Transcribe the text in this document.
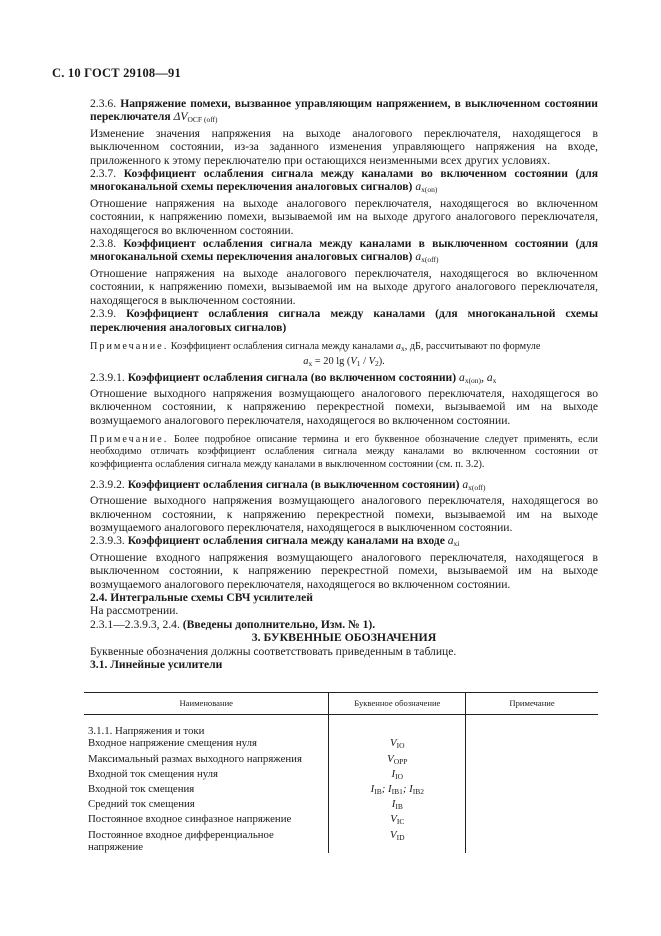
С. 10 ГОСТ 29108—91

2.3.6. Напряжение помехи, вызванное управляющим напряжением, в выключенном состоянии переключателя $\Delta V_{OCF (off)}$

Изменение значения напряжения на выходе аналогового переключателя, находящегося в выключенном состоянии, из-за заданного изменения управляющего напряжения на входе, приложенного к этому переключателю при остающихся неизменными всех других условиях.

2.3.7. Коэффициент ослабления сигнала между каналами во включенном состоянии (для многоканальной схемы переключения аналоговых сигналов) $a_{x(on)}$

Отношение напряжения на выходе аналогового переключателя, находящегося во включенном состоянии, к напряжению помехи, вызываемой им на выходе другого аналогового переключателя, находящегося во включенном состоянии.

2.3.8. Коэффициент ослабления сигнала между каналами в выключенном состоянии (для многоканальной схемы переключения аналоговых сигналов) $a_{x(off)}$

Отношение напряжения на выходе аналогового переключателя, находящегося во включенном состоянии, к напряжению помехи, вызываемой им на выходе другого аналогового переключателя, находящегося в выключенном состоянии.

2.3.9. Коэффициент ослабления сигнала между каналами (для многоканальной схемы переключения аналоговых сигналов)

Примечание. Коэффициент ослабления сигнала между каналами $a_x$, дБ, рассчитывают по формуле

$a_x = 20$ $\lg (V_1 / V_2)$.

2.3.9.1. Коэффициент ослабления сигнала (во включенном состоянии) $a_{x(on)}$, $a_x$

Отношение выходного напряжения возмущающего аналогового переключателя, находящегося во включенном состоянии, к напряжению перекрестной помехи, вызываемой им на выходе возмущаемого аналогового переключателя, находящегося во включенном состоянии.

Примечание. Более подробное описание термина и его буквенное обозначение следует применять, если необходимо отличать коэффициент ослабления сигнала между каналами во включенном состоянии от коэффициента ослабления сигнала между каналами в выключенном состоянии (см. п. 3.2).

2.3.9.2. Коэффициент ослабления сигнала (в выключенном состоянии) $a_{x(off)}$

Отношение выходного напряжения возмущающего аналогового переключателя, находящегося во включенном состоянии, к напряжению перекрестной помехи, вызываемой им на выходе возмущаемого аналогового переключателя, находящегося в выключенном состоянии.

2.3.9.3. Коэффициент ослабления сигнала между каналами на входе $a_{xi}$

Отношение входного напряжения возмущающего аналогового переключателя, находящегося в выключенном состоянии, к напряжению перекрестной помехи, вызываемой им на выходе возмущаемого аналогового переключателя, находящегося во включенном состоянии.

2.4. Интегральные схемы СВЧ усилителей

На рассмотрении.

2.3.1—2.3.9.3, 2.4. (Введены дополнительно, Изм. № 1).

3. БУКВЕННЫЕ ОБОЗНАЧЕНИЯ

Буквенные обозначения должны соответствовать приведенным в таблице.

3.1. Линейные усилители

Наименование	Буквенное обозначение	Примечание

3.1.1. Напряжения и токи		
Входное напряжение смещения нуля	$V_{IO}$	
Максимальный размах выходного напряжения	$V_{OPP}$	
Входной ток смещения нуля	$I_{IO}$	
Входной ток смещения	$I_{IB}$; $I_{IB1}$; $I_{IB2}$	
Средний ток смещения	$I_{IB}$	
Постоянное входное синфазное напряжение	$V_{IC}$	
Постоянное входное дифференциальное напряжение	$V_{ID}$	
